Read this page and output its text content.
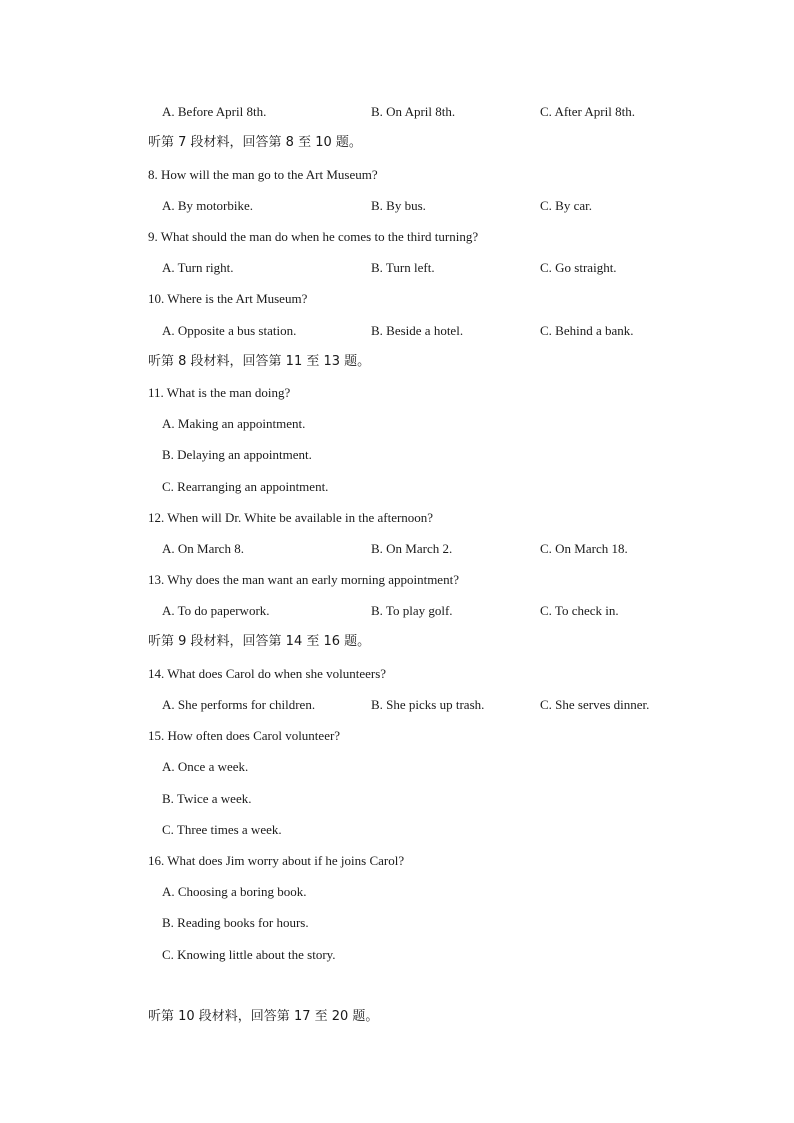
A. Before April 8th.	B. On April 8th.	C. After April 8th.
听第 7 段材料，回答第 8 至 10 题。
8. How will the man go to the Art Museum?
A. By motorbike.	B. By bus.	C. By car.
9. What should the man do when he comes to the third turning?
A. Turn right.	B. Turn left.	C. Go straight.
10. Where is the Art Museum?
A. Opposite a bus station.	B. Beside a hotel.	C. Behind a bank.
听第 8 段材料，回答第 11 至 13 题。
11. What is the man doing?
A. Making an appointment.
B. Delaying an appointment.
C. Rearranging an appointment.
12. When will Dr. White be available in the afternoon?
A. On March 8.	B. On March 2.	C. On March 18.
13. Why does the man want an early morning appointment?
A. To do paperwork.	B. To play golf.	C. To check in.
听第 9 段材料，回答第 14 至 16 题。
14. What does Carol do when she volunteers?
A. She performs for children.	B. She picks up trash.	C. She serves dinner.
15. How often does Carol volunteer?
A. Once a week.
B. Twice a week.
C. Three times a week.
16. What does Jim worry about if he joins Carol?
A. Choosing a boring book.
B. Reading books for hours.
C. Knowing little about the story.
听第 10 段材料，回答第 17 至 20 题。
